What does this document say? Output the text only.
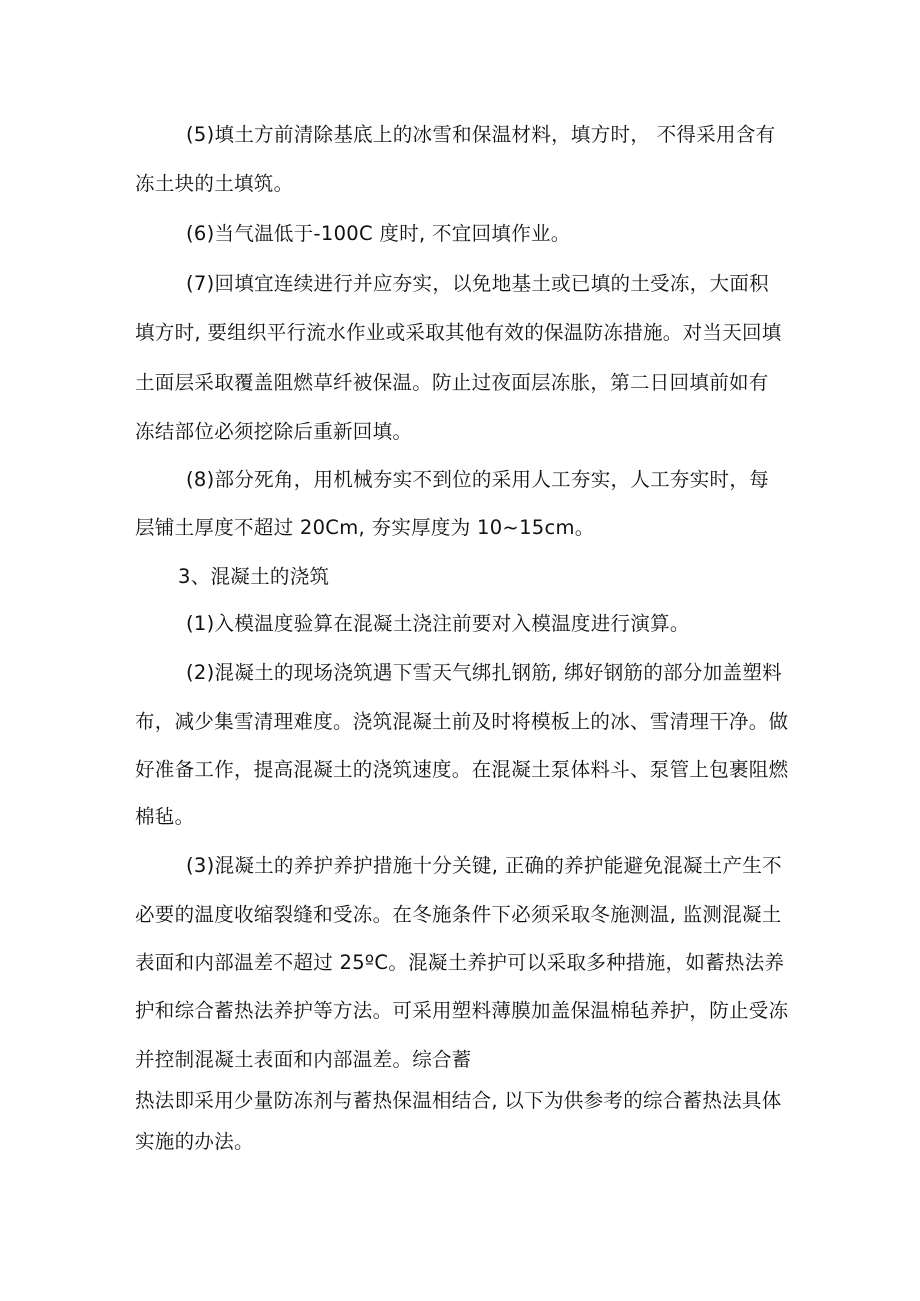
(5)填土方前清除基底上的冰雪和保温材料，填方时， 不得采用含有
冻土块的土填筑。
(6)当气温低于-100C 度时, 不宜回填作业。
(7)回填宜连续进行并应夯实，以免地基土或已填的土受冻，大面积
填方时, 要组织平行流水作业或采取其他有效的保温防冻措施。对当天回填
土面层采取覆盖阻燃草纤被保温。防止过夜面层冻胀，第二日回填前如有
冻结部位必须挖除后重新回填。
(8)部分死角，用机械夯实不到位的采用人工夯实，人工夯实时，每
层铺土厚度不超过 20Cm, 夯实厚度为 10~15cm。
3、混凝土的浇筑
(1)入模温度验算在混凝土浇注前要对入模温度进行演算。
(2)混凝土的现场浇筑遇下雪天气绑扎钢筋, 绑好钢筋的部分加盖塑料
布，减少集雪清理难度。浇筑混凝土前及时将模板上的冰、雪清理干净。做
好准备工作，提高混凝土的浇筑速度。在混凝土泵体料斗、泵管上包裹阻燃
棉毡。
(3)混凝土的养护养护措施十分关键, 正确的养护能避免混凝土产生不
必要的温度收缩裂缝和受冻。在冬施条件下必须采取冬施测温, 监测混凝土
表面和内部温差不超过 25ºC。混凝土养护可以采取多种措施，如蓄热法养
护和综合蓄热法养护等方法。可采用塑料薄膜加盖保温棉毡养护，防止受冻
并控制混凝土表面和内部温差。综合蓄
热法即采用少量防冻剂与蓄热保温相结合, 以下为供参考的综合蓄热法具体
实施的办法。
